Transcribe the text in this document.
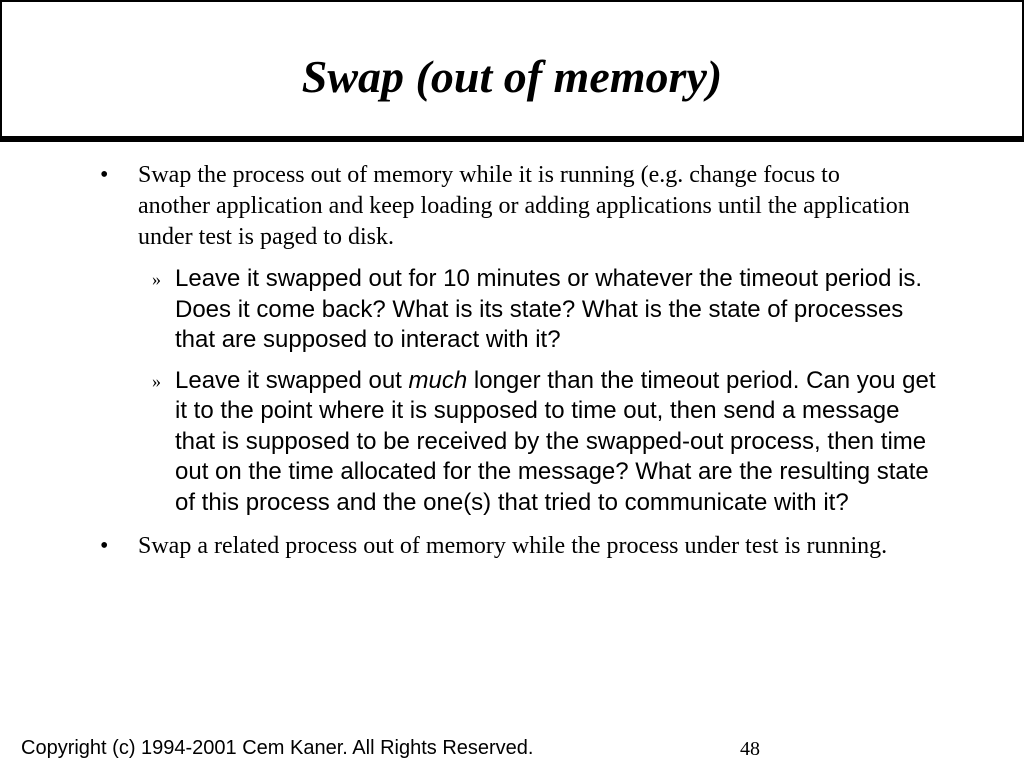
Swap (out of memory)
•	Swap the process out of memory while it is running (e.g. change focus to another application and keep loading or adding applications until the application under test is paged to disk.
» Leave it swapped out for 10 minutes or whatever the timeout period is. Does it come back? What is its state? What is the state of processes that are supposed to interact with it?
» Leave it swapped out much longer than the timeout period. Can you get it to the point where it is supposed to time out, then send a message that is supposed to be received by the swapped-out process, then time out on the time allocated for the message? What are the resulting state of this process and the one(s) that tried to communicate with it?
•	Swap a related process out of memory while the process under test is running.
Copyright (c) 1994-2001 Cem Kaner. All Rights Reserved.	48
